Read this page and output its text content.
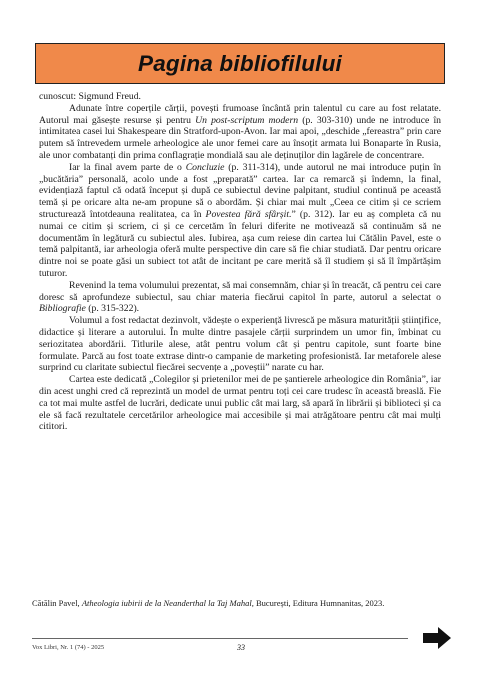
Pagina bibliofilului

cunoscut: Sigmund Freud.

Adunate între coperțile cărții, povești frumoase încântă prin talentul cu care au fost relatate. Autorul mai găsește resurse și pentru Un post-scriptum modern (p. 303-310) unde ne introduce în intimitatea casei lui Shakespeare din Stratford-upon-Avon. Iar mai apoi, „deschide „fereastra” prin care putem să întrevedem urmele arheologice ale unor femei care au însoțit armata lui Bonaparte în Rusia, ale unor combatanți din prima conflagrație mondială sau ale deținuților din lagărele de concentrare.

Iar la final avem parte de o Concluzie (p. 311-314), unde autorul ne mai introduce puțin în „bucătăria” personală, acolo unde a fost „preparată” cartea. Iar ca remarcă și îndemn, la final, evidențiază faptul că odată început și după ce subiectul devine palpitant, studiul continuă pe această temă și pe oricare alta ne-am propune să o abordăm. Și chiar mai mult „Ceea ce citim și ce scriem structurează întotdeauna realitatea, ca în Povestea fără sfârșit.” (p. 312). Iar eu aș completa că nu numai ce citim și scriem, ci și ce cercetăm în feluri diferite ne motivează să continuăm să ne documentăm în legătură cu subiectul ales. Iubirea, așa cum reiese din cartea lui Cătălin Pavel, este o temă palpitantă, iar arheologia oferă multe perspective din care să fie chiar studiată. Dar pentru oricare dintre noi se poate găsi un subiect tot atât de incitant pe care merită să îl studiem și să îl împărtășim tuturor.

Revenind la tema volumului prezentat, să mai consemnăm, chiar și în treacăt, că pentru cei care doresc să aprofundeze subiectul, sau chiar materia fiecărui capitol în parte, autorul a selectat o Bibliografie (p. 315-322).

Volumul a fost redactat dezinvolt, vădește o experiență livrescă pe măsura maturității științifice, didactice și literare a autorului. În multe dintre pasajele cărții surprindem un umor fin, îmbinat cu seriozitatea abordării. Titlurile alese, atât pentru volum cât și pentru capitole, sunt foarte bine formulate. Parcă au fost toate extrase dintr-o campanie de marketing profesionistă. Iar metaforele alese surprind cu claritate subiectul fiecărei secvențe a „poveștii” narate cu har.

Cartea este dedicată „Colegilor și prietenilor mei de pe șantierele arheologice din România”, iar din acest unghi cred că reprezintă un model de urmat pentru toți cei care trudesc în această breaslă. Fie ca tot mai multe astfel de lucrări, dedicate unui public cât mai larg, să apară în librării și biblioteci și ca ele să facă rezultatele cercetărilor arheologice mai accesibile și mai atrăgătoare pentru cât mai mulți cititori.

Cătălin Pavel, Atheologia iubirii de la Neanderthal la Taj Mahal, București, Editura Humnanitas, 2023.
Vox Libri, Nr. 1 (74) - 2025	33
